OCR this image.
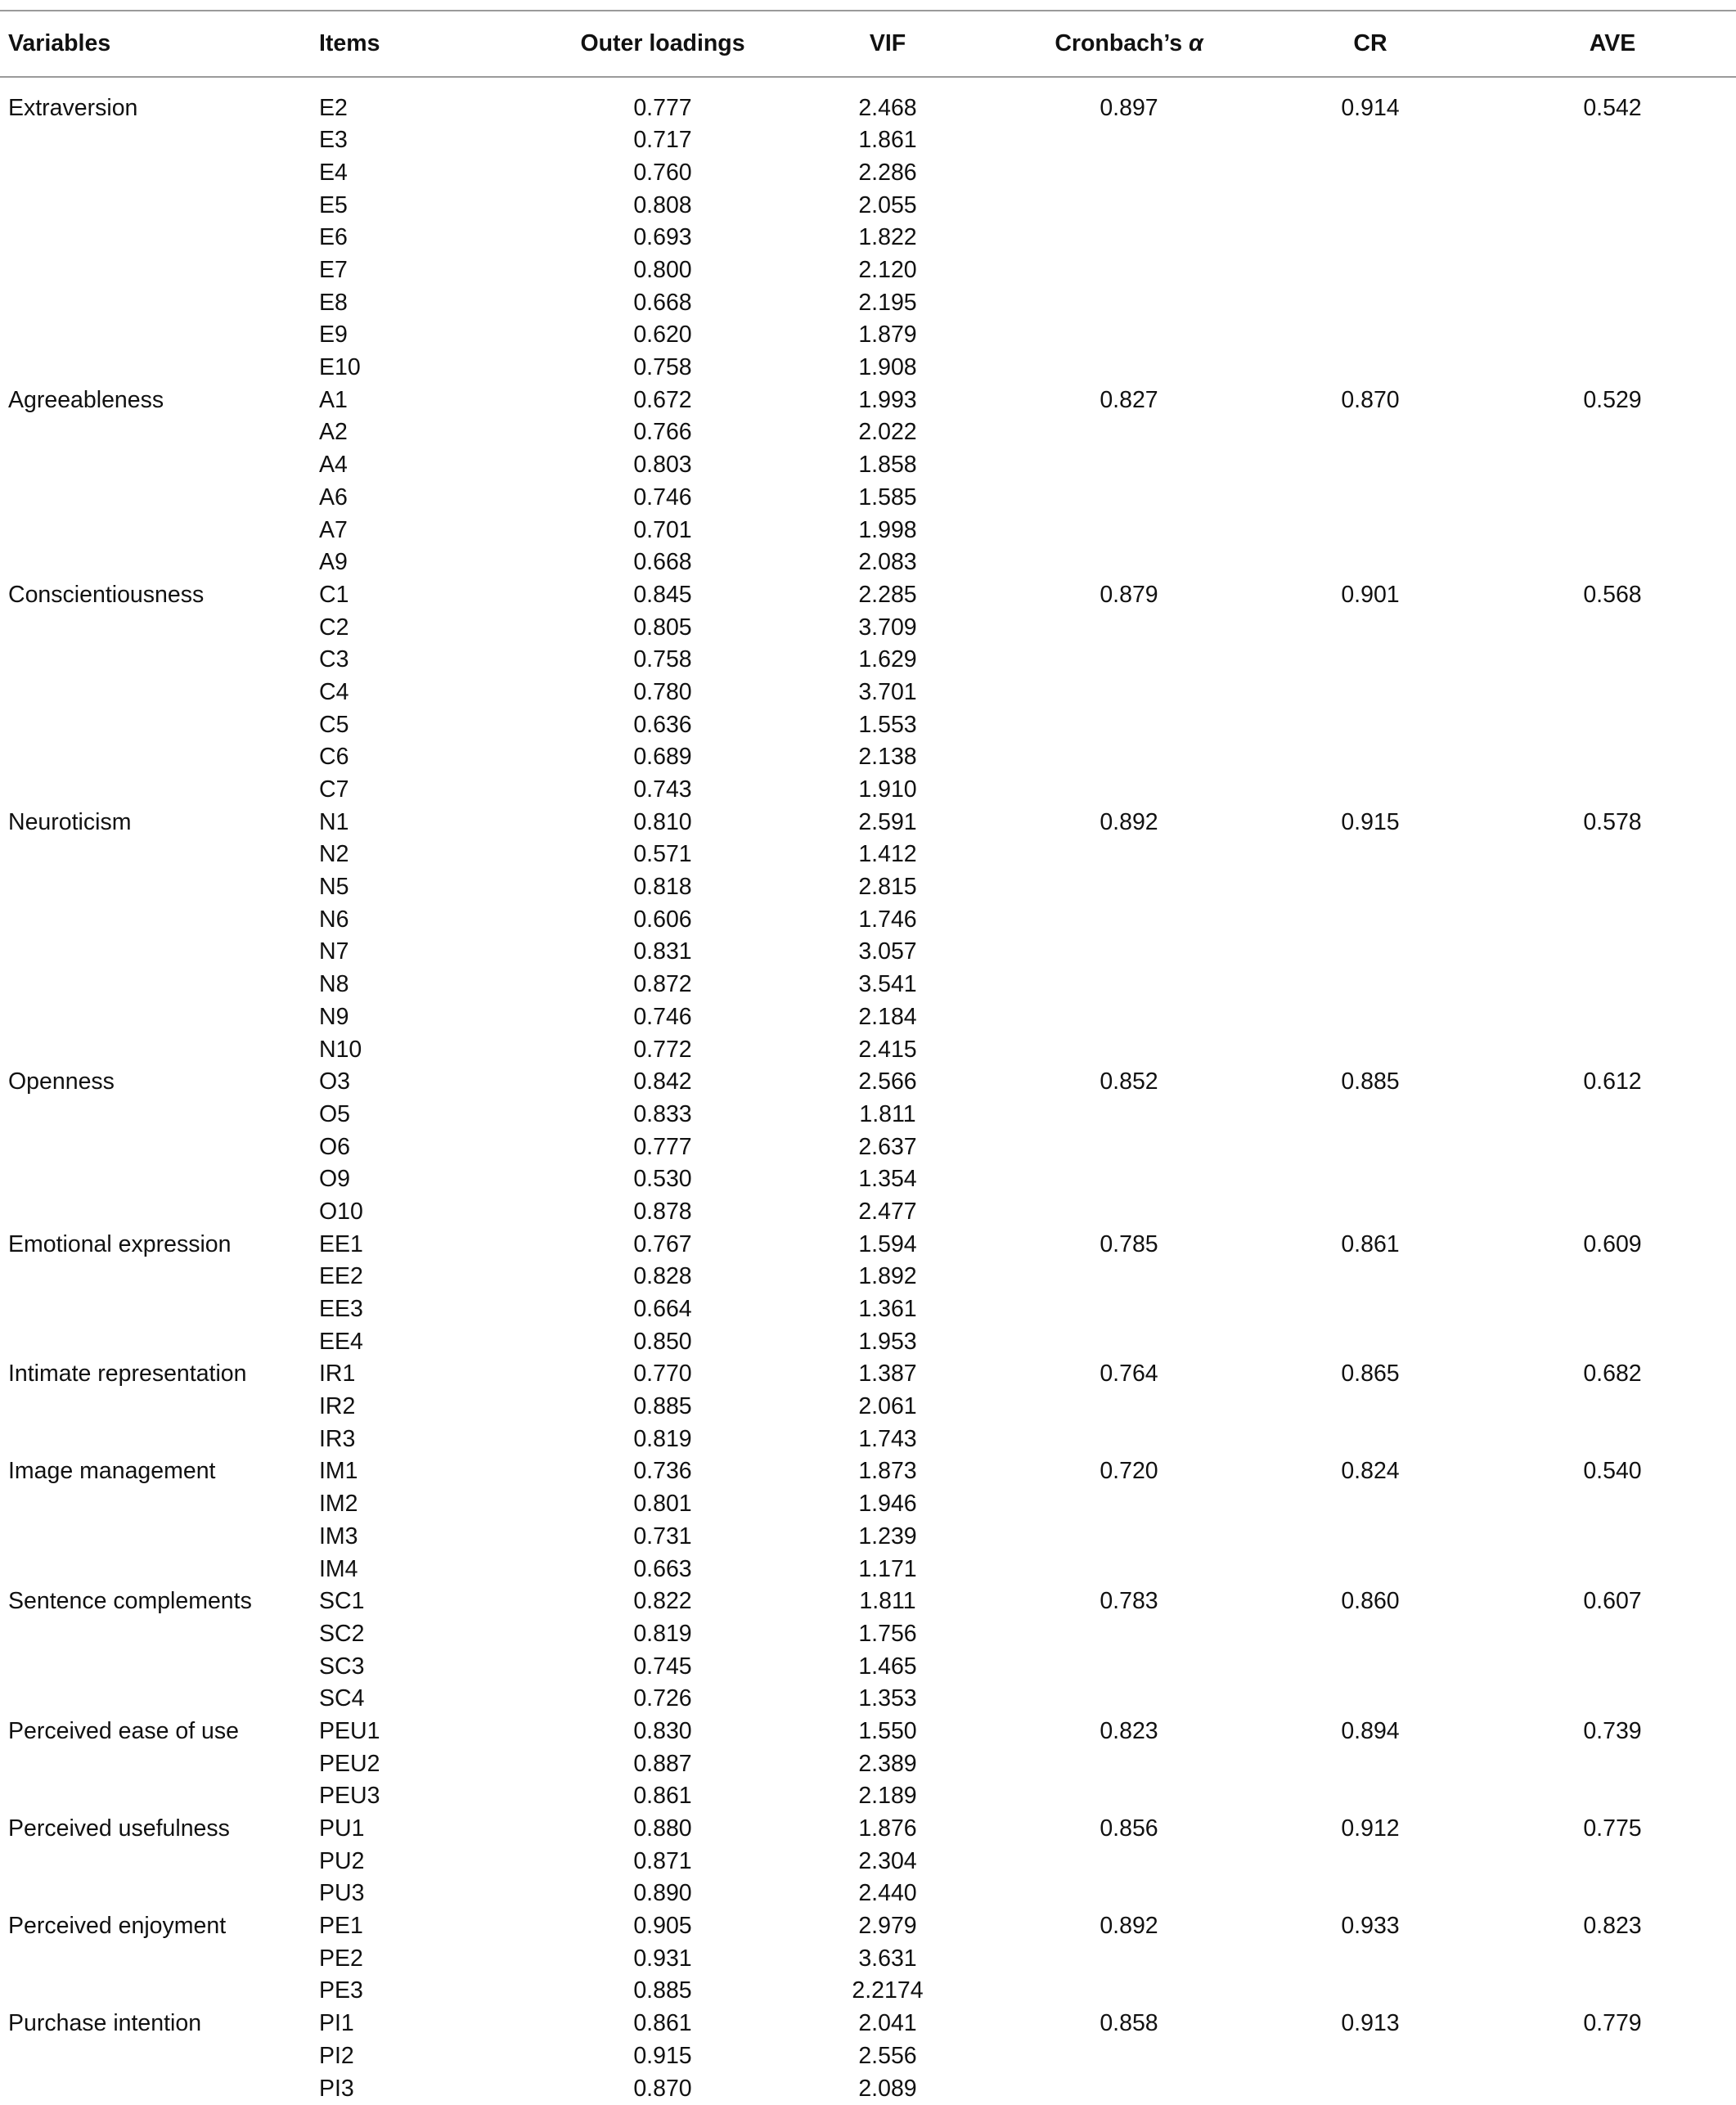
Variables	Items	Outer loadings	VIF	Cronbach’s α	CR	AVE

Extraversion	E2	0.777	2.468	0.897	0.914	0.542
	E3	0.717	1.861			
	E4	0.760	2.286			
	E5	0.808	2.055			
	E6	0.693	1.822			
	E7	0.800	2.120			
	E8	0.668	2.195			
	E9	0.620	1.879			
	E10	0.758	1.908			
Agreeableness	A1	0.672	1.993	0.827	0.870	0.529
	A2	0.766	2.022			
	A4	0.803	1.858			
	A6	0.746	1.585			
	A7	0.701	1.998			
	A9	0.668	2.083			
Conscientiousness	C1	0.845	2.285	0.879	0.901	0.568
	C2	0.805	3.709			
	C3	0.758	1.629			
	C4	0.780	3.701			
	C5	0.636	1.553			
	C6	0.689	2.138			
	C7	0.743	1.910			
Neuroticism	N1	0.810	2.591	0.892	0.915	0.578
	N2	0.571	1.412			
	N5	0.818	2.815			
	N6	0.606	1.746			
	N7	0.831	3.057			
	N8	0.872	3.541			
	N9	0.746	2.184			
	N10	0.772	2.415			
Openness	O3	0.842	2.566	0.852	0.885	0.612
	O5	0.833	1.811			
	O6	0.777	2.637			
	O9	0.530	1.354			
	O10	0.878	2.477			
Emotional expression	EE1	0.767	1.594	0.785	0.861	0.609
	EE2	0.828	1.892			
	EE3	0.664	1.361			
	EE4	0.850	1.953			
Intimate representation	IR1	0.770	1.387	0.764	0.865	0.682
	IR2	0.885	2.061			
	IR3	0.819	1.743			
Image management	IM1	0.736	1.873	0.720	0.824	0.540
	IM2	0.801	1.946			
	IM3	0.731	1.239			
	IM4	0.663	1.171			
Sentence complements	SC1	0.822	1.811	0.783	0.860	0.607
	SC2	0.819	1.756			
	SC3	0.745	1.465			
	SC4	0.726	1.353			
Perceived ease of use	PEU1	0.830	1.550	0.823	0.894	0.739
	PEU2	0.887	2.389			
	PEU3	0.861	2.189			
Perceived usefulness	PU1	0.880	1.876	0.856	0.912	0.775
	PU2	0.871	2.304			
	PU3	0.890	2.440			
Perceived enjoyment	PE1	0.905	2.979	0.892	0.933	0.823
	PE2	0.931	3.631			
	PE3	0.885	2.2174			
Purchase intention	PI1	0.861	2.041	0.858	0.913	0.779
	PI2	0.915	2.556			
	PI3	0.870	2.089			
